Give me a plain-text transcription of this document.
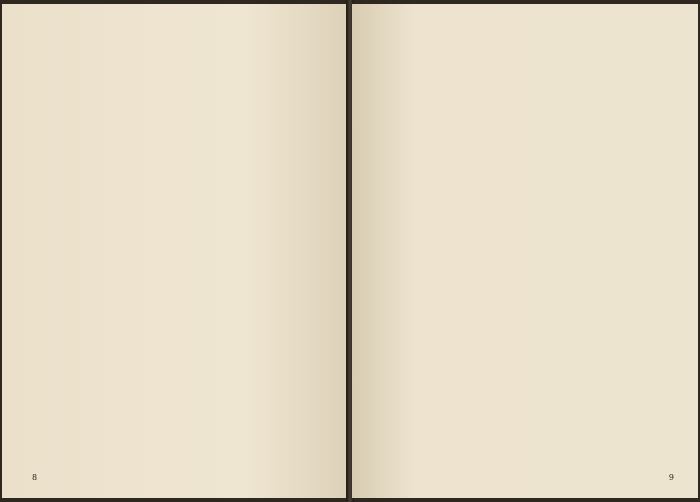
8	9
